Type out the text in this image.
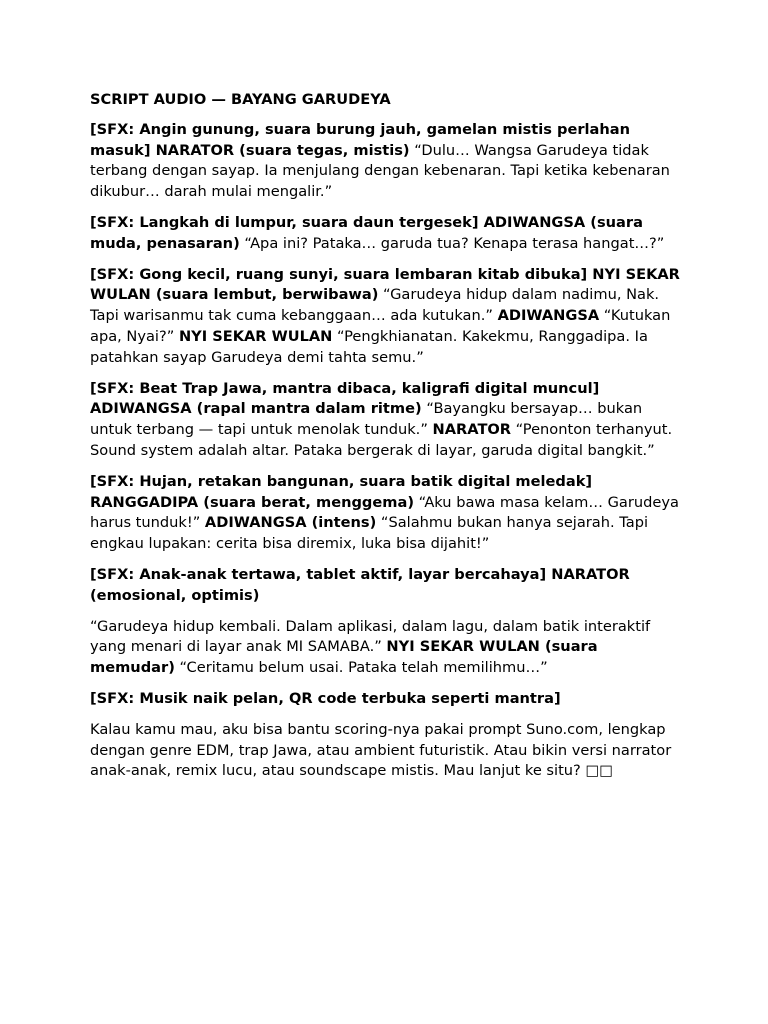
SCRIPT AUDIO — BAYANG GARUDEYA
[SFX: Angin gunung, suara burung jauh, gamelan mistis perlahan masuk] NARATOR (suara tegas, mistis) “Dulu… Wangsa Garudeya tidak terbang dengan sayap. Ia menjulang dengan kebenaran. Tapi ketika kebenaran dikubur… darah mulai mengalir.”
[SFX: Langkah di lumpur, suara daun tergesek] ADIWANGSA (suara muda, penasaran) “Apa ini? Pataka… garuda tua? Kenapa terasa hangat…?”
[SFX: Gong kecil, ruang sunyi, suara lembaran kitab dibuka] NYI SEKAR WULAN (suara lembut, berwibawa) “Garudeya hidup dalam nadimu, Nak. Tapi warisanmu tak cuma kebanggaan… ada kutukan.” ADIWANGSA “Kutukan apa, Nyai?” NYI SEKAR WULAN “Pengkhianatan. Kakekmu, Ranggadipa. Ia patahkan sayap Garudeya demi tahta semu.”
[SFX: Beat Trap Jawa, mantra dibaca, kaligrafi digital muncul] ADIWANGSA (rapal mantra dalam ritme) “Bayangku bersayap… bukan untuk terbang — tapi untuk menolak tunduk.” NARATOR “Penonton terhanyut. Sound system adalah altar. Pataka bergerak di layar, garuda digital bangkit.”
[SFX: Hujan, retakan bangunan, suara batik digital meledak] RANGGADIPA (suara berat, menggema) “Aku bawa masa kelam… Garudeya harus tunduk!” ADIWANGSA (intens) “Salahmu bukan hanya sejarah. Tapi engkau lupakan: cerita bisa diremix, luka bisa dijahit!”
[SFX: Anak-anak tertawa, tablet aktif, layar bercahaya] NARATOR (emosional, optimis)
“Garudeya hidup kembali. Dalam aplikasi, dalam lagu, dalam batik interaktif yang menari di layar anak MI SAMABA.” NYI SEKAR WULAN (suara memudar) “Ceritamu belum usai. Pataka telah memilihmu…”
[SFX: Musik naik pelan, QR code terbuka seperti mantra]
Kalau kamu mau, aku bisa bantu scoring-nya pakai prompt Suno.com, lengkap dengan genre EDM, trap Jawa, atau ambient futuristik. Atau bikin versi narrator anak-anak, remix lucu, atau soundscape mistis. Mau lanjut ke situ? □□
